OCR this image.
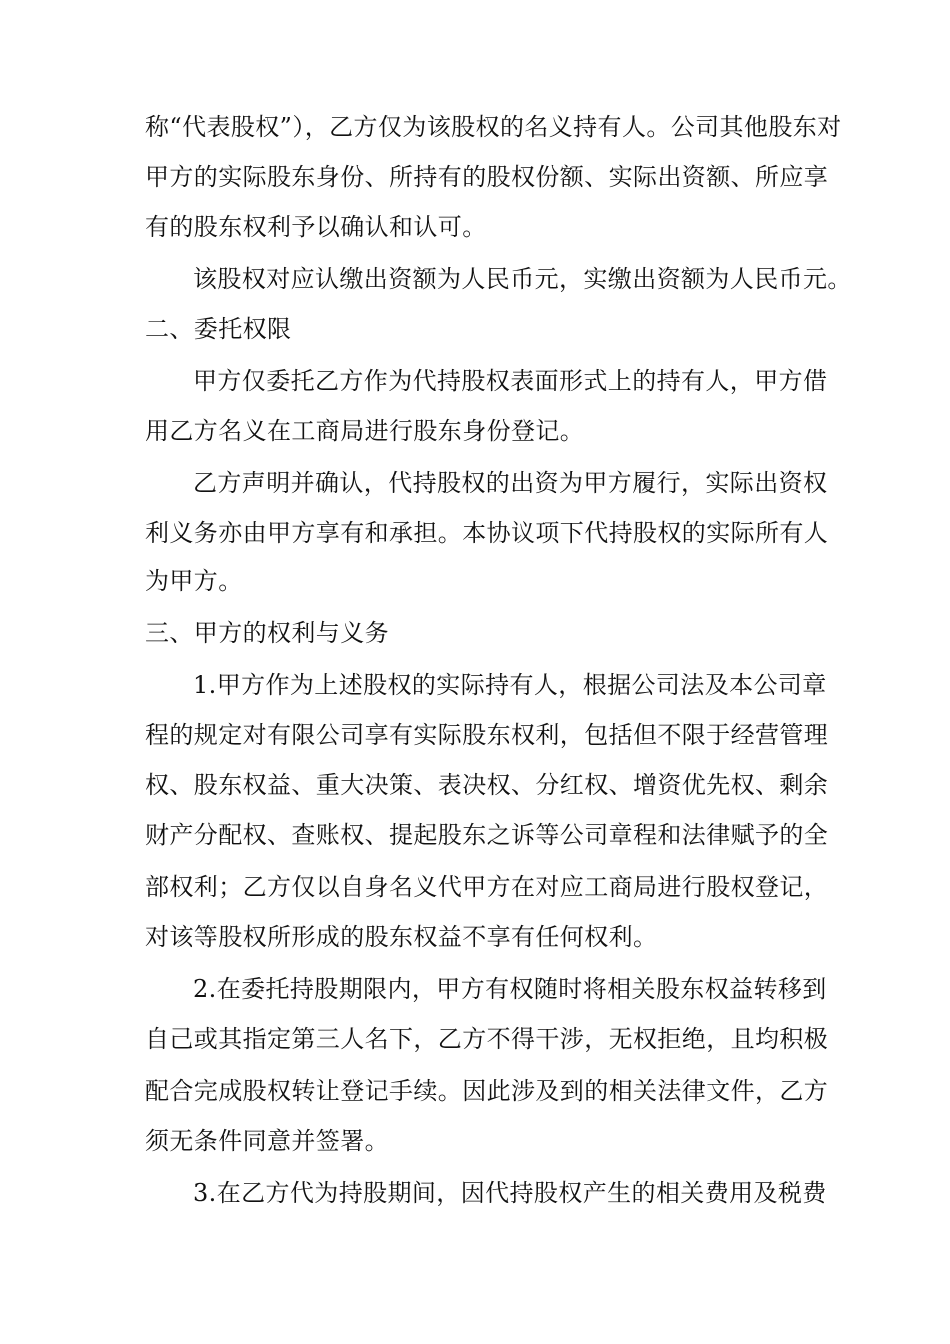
称“代表股权”），乙方仅为该股权的名义持有人。公司其他股东对
甲方的实际股东身份、所持有的股权份额、实际出资额、所应享
有的股东权利予以确认和认可。
该股权对应认缴出资额为人民币元，实缴出资额为人民币元。
二、委托权限
甲方仅委托乙方作为代持股权表面形式上的持有人，甲方借
用乙方名义在工商局进行股东身份登记。
乙方声明并确认，代持股权的出资为甲方履行，实际出资权
利义务亦由甲方享有和承担。本协议项下代持股权的实际所有人
为甲方。
三、甲方的权利与义务
1.甲方作为上述股权的实际持有人，根据公司法及本公司章
程的规定对有限公司享有实际股东权利，包括但不限于经营管理
权、股东权益、重大决策、表决权、分红权、增资优先权、剩余
财产分配权、查账权、提起股东之诉等公司章程和法律赋予的全
部权利；乙方仅以自身名义代甲方在对应工商局进行股权登记，
对该等股权所形成的股东权益不享有任何权利。
2.在委托持股期限内，甲方有权随时将相关股东权益转移到
自己或其指定第三人名下，乙方不得干涉，无权拒绝，且均积极
配合完成股权转让登记手续。因此涉及到的相关法律文件，乙方
须无条件同意并签署。
3.在乙方代为持股期间，因代持股权产生的相关费用及税费
